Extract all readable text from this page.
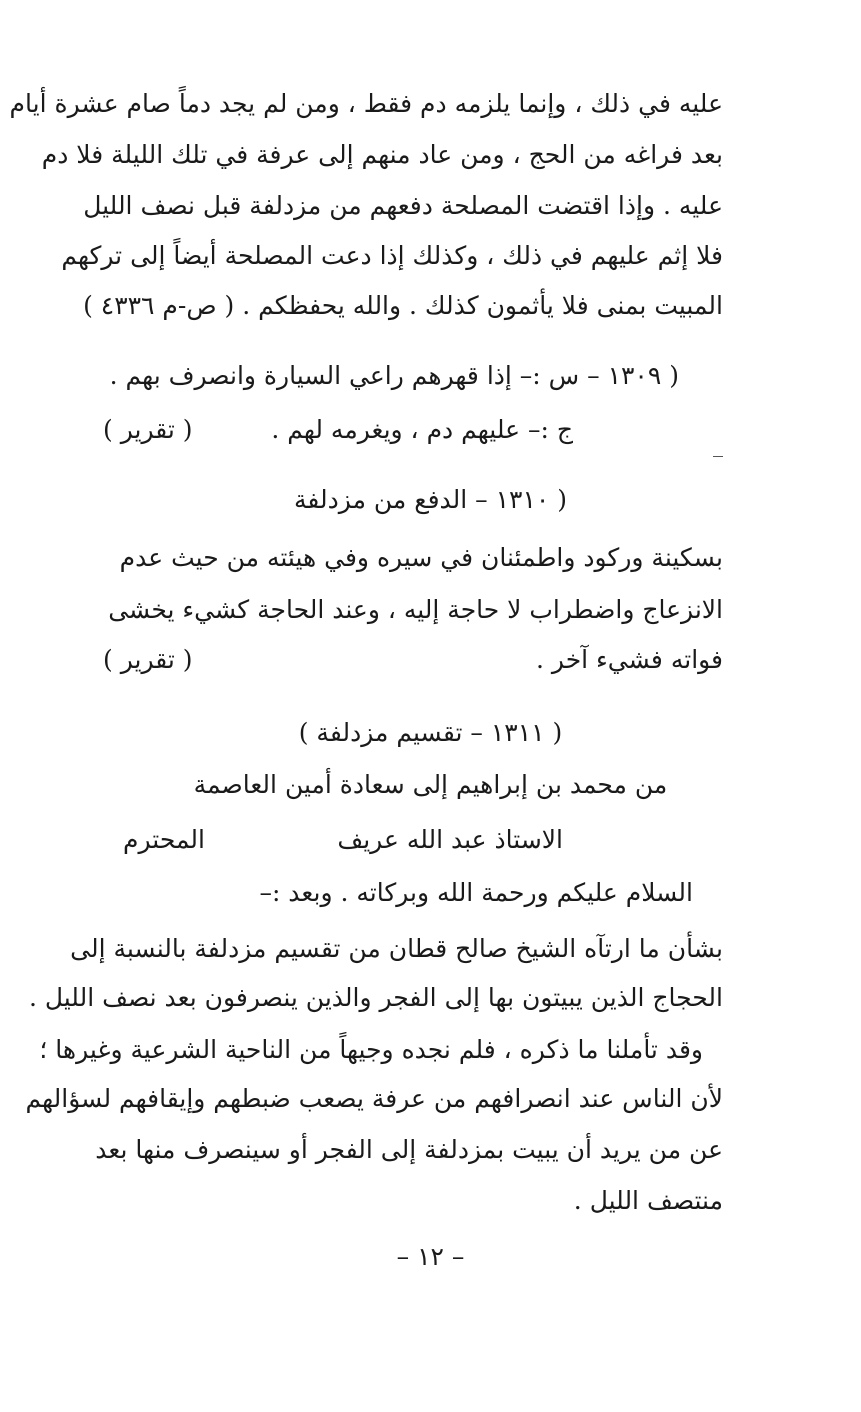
عليه في ذلك ، وإنما يلزمه دم فقط ، ومن لم يجد دماً صام عشرة أيام
بعد فراغه من الحج ، ومن عاد منهم إلى عرفة في تلك الليلة فلا دم
عليه . وإذا اقتضت المصلحة دفعهم من مزدلفة قبل نصف الليل
فلا إثم عليهم في ذلك ، وكذلك إذا دعت المصلحة أيضاً إلى تركهم
المبيت بمنى فلا يأثمون كذلك . والله يحفظكم . ( ص-م ٤٣٣٦ )
( ١٣٠٩ – س :– إذا قهرهم راعي السيارة وانصرف بهم .
ج :– عليهم دم ، ويغرمه لهم .
( تقرير )
( ١٣١٠ – الدفع من مزدلفة
بسكينة وركود واطمئنان في سيره وفي هيئته من حيث عدم
الانزعاج واضطراب لا حاجة إليه ، وعند الحاجة كشيء يخشى
فواته فشيء آخر .
( تقرير )
( ١٣١١ – تقسيم مزدلفة )
من محمد بن إبراهيم إلى سعادة أمين العاصمة
الاستاذ عبد الله عريف
المحترم
السلام عليكم ورحمة الله وبركاته . وبعد :–
بشأن ما ارتآه الشيخ صالح قطان من تقسيم مزدلفة بالنسبة إلى
الحجاج الذين يبيتون بها إلى الفجر والذين ينصرفون بعد نصف الليل .
وقد تأملنا ما ذكره ، فلم نجده وجيهاً من الناحية الشرعية وغيرها ؛
لأن الناس عند انصرافهم من عرفة يصعب ضبطهم وإيقافهم لسؤالهم
عن من يريد أن يبيت بمزدلفة إلى الفجر أو سينصرف منها بعد
منتصف الليل .
– ١٢ –
